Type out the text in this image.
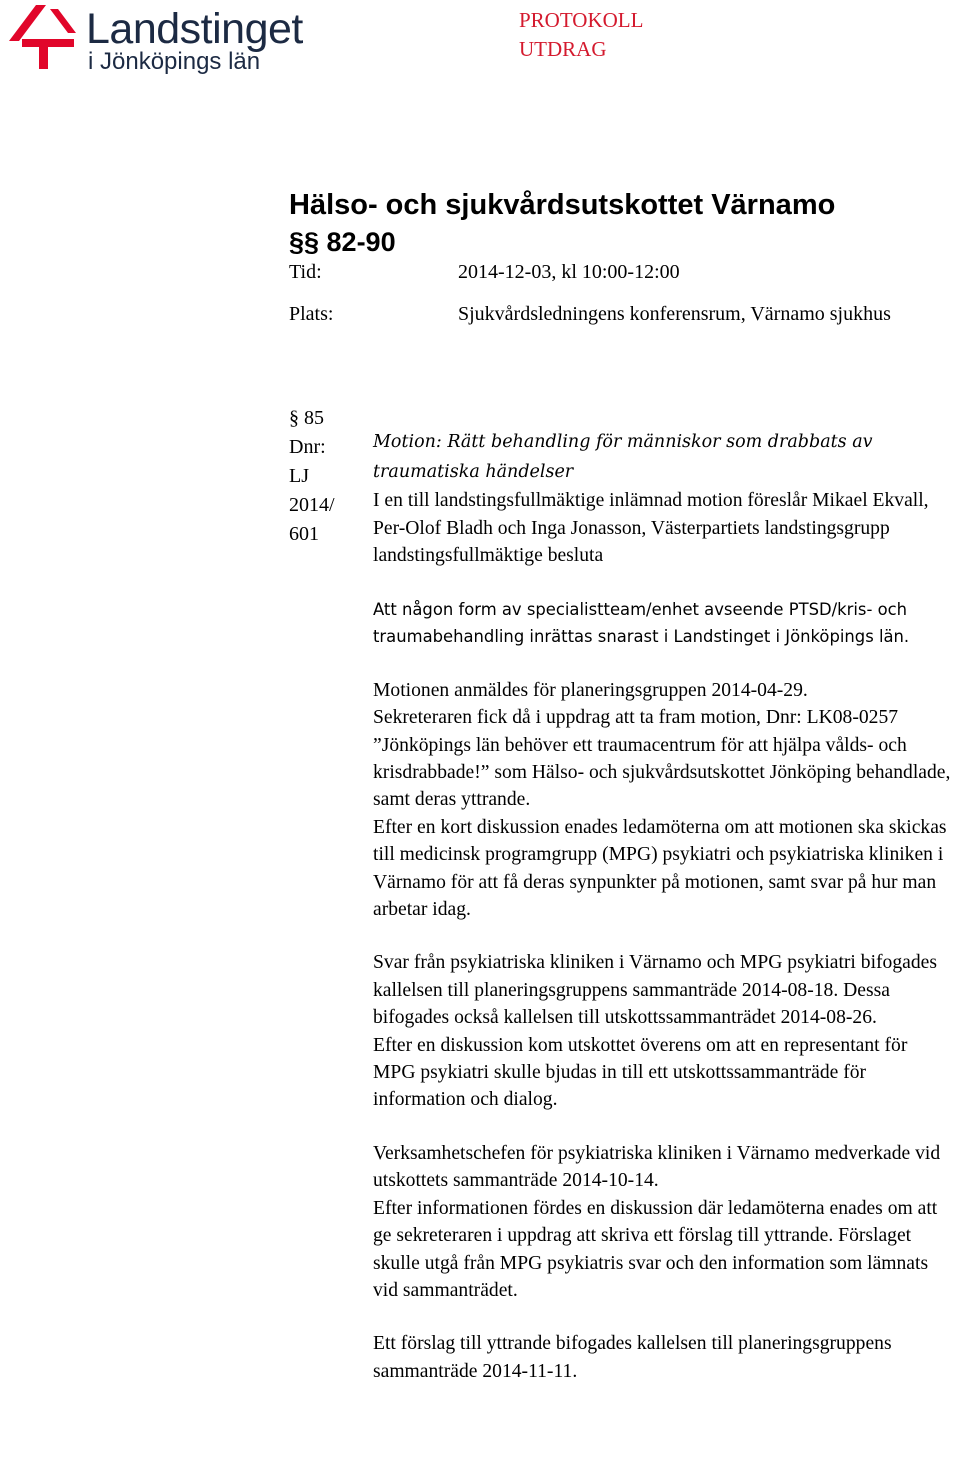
Landstinget
i Jönköpings län
PROTOKOLL
UTDRAG
Hälso- och sjukvårdsutskottet Värnamo
§§ 82-90
Tid:	2014-12-03, kl 10:00-12:00
Plats:	Sjukvårdsledningens konferensrum, Värnamo sjukhus
§ 85
Dnr:
LJ
2014/
601

Motion: Rätt behandling för människor som drabbats av traumatiska händelser

I en till landstingsfullmäktige inlämnad motion föreslår Mikael Ekvall, Per-Olof Bladh och Inga Jonasson, Västerpartiets landstingsgrupp landstingsfullmäktige besluta

Att någon form av specialistteam/enhet avseende PTSD/kris- och traumabehandling inrättas snarast i Landstinget i Jönköpings län.

Motionen anmäldes för planeringsgruppen 2014-04-29.

Sekreteraren fick då i uppdrag att ta fram motion, Dnr: LK08-0257 ”Jönköpings län behöver ett traumacentrum för att hjälpa vålds- och krisdrabbade!” som Hälso- och sjukvårdsutskottet Jönköping behandlade, samt deras yttrande.

Efter en kort diskussion enades ledamöterna om att motionen ska skickas till medicinsk programgrupp (MPG) psykiatri och psykiatriska kliniken i Värnamo för att få deras synpunkter på motionen, samt svar på hur man arbetar idag.

Svar från psykiatriska kliniken i Värnamo och MPG psykiatri bifogades kallelsen till planeringsgruppens sammanträde 2014-08-18. Dessa bifogades också kallelsen till utskottssammanträdet 2014-08-26.

Efter en diskussion kom utskottet överens om att en representant för MPG psykiatri skulle bjudas in till ett utskottssammanträde för information och dialog.

Verksamhetschefen för psykiatriska kliniken i Värnamo medverkade vid utskottets sammanträde 2014-10-14.

Efter informationen fördes en diskussion där ledamöterna enades om att ge sekreteraren i uppdrag att skriva ett förslag till yttrande. Förslaget skulle utgå från MPG psykiatris svar och den information som lämnats vid sammanträdet.

Ett förslag till yttrande bifogades kallelsen till planeringsgruppens sammanträde 2014-11-11.
